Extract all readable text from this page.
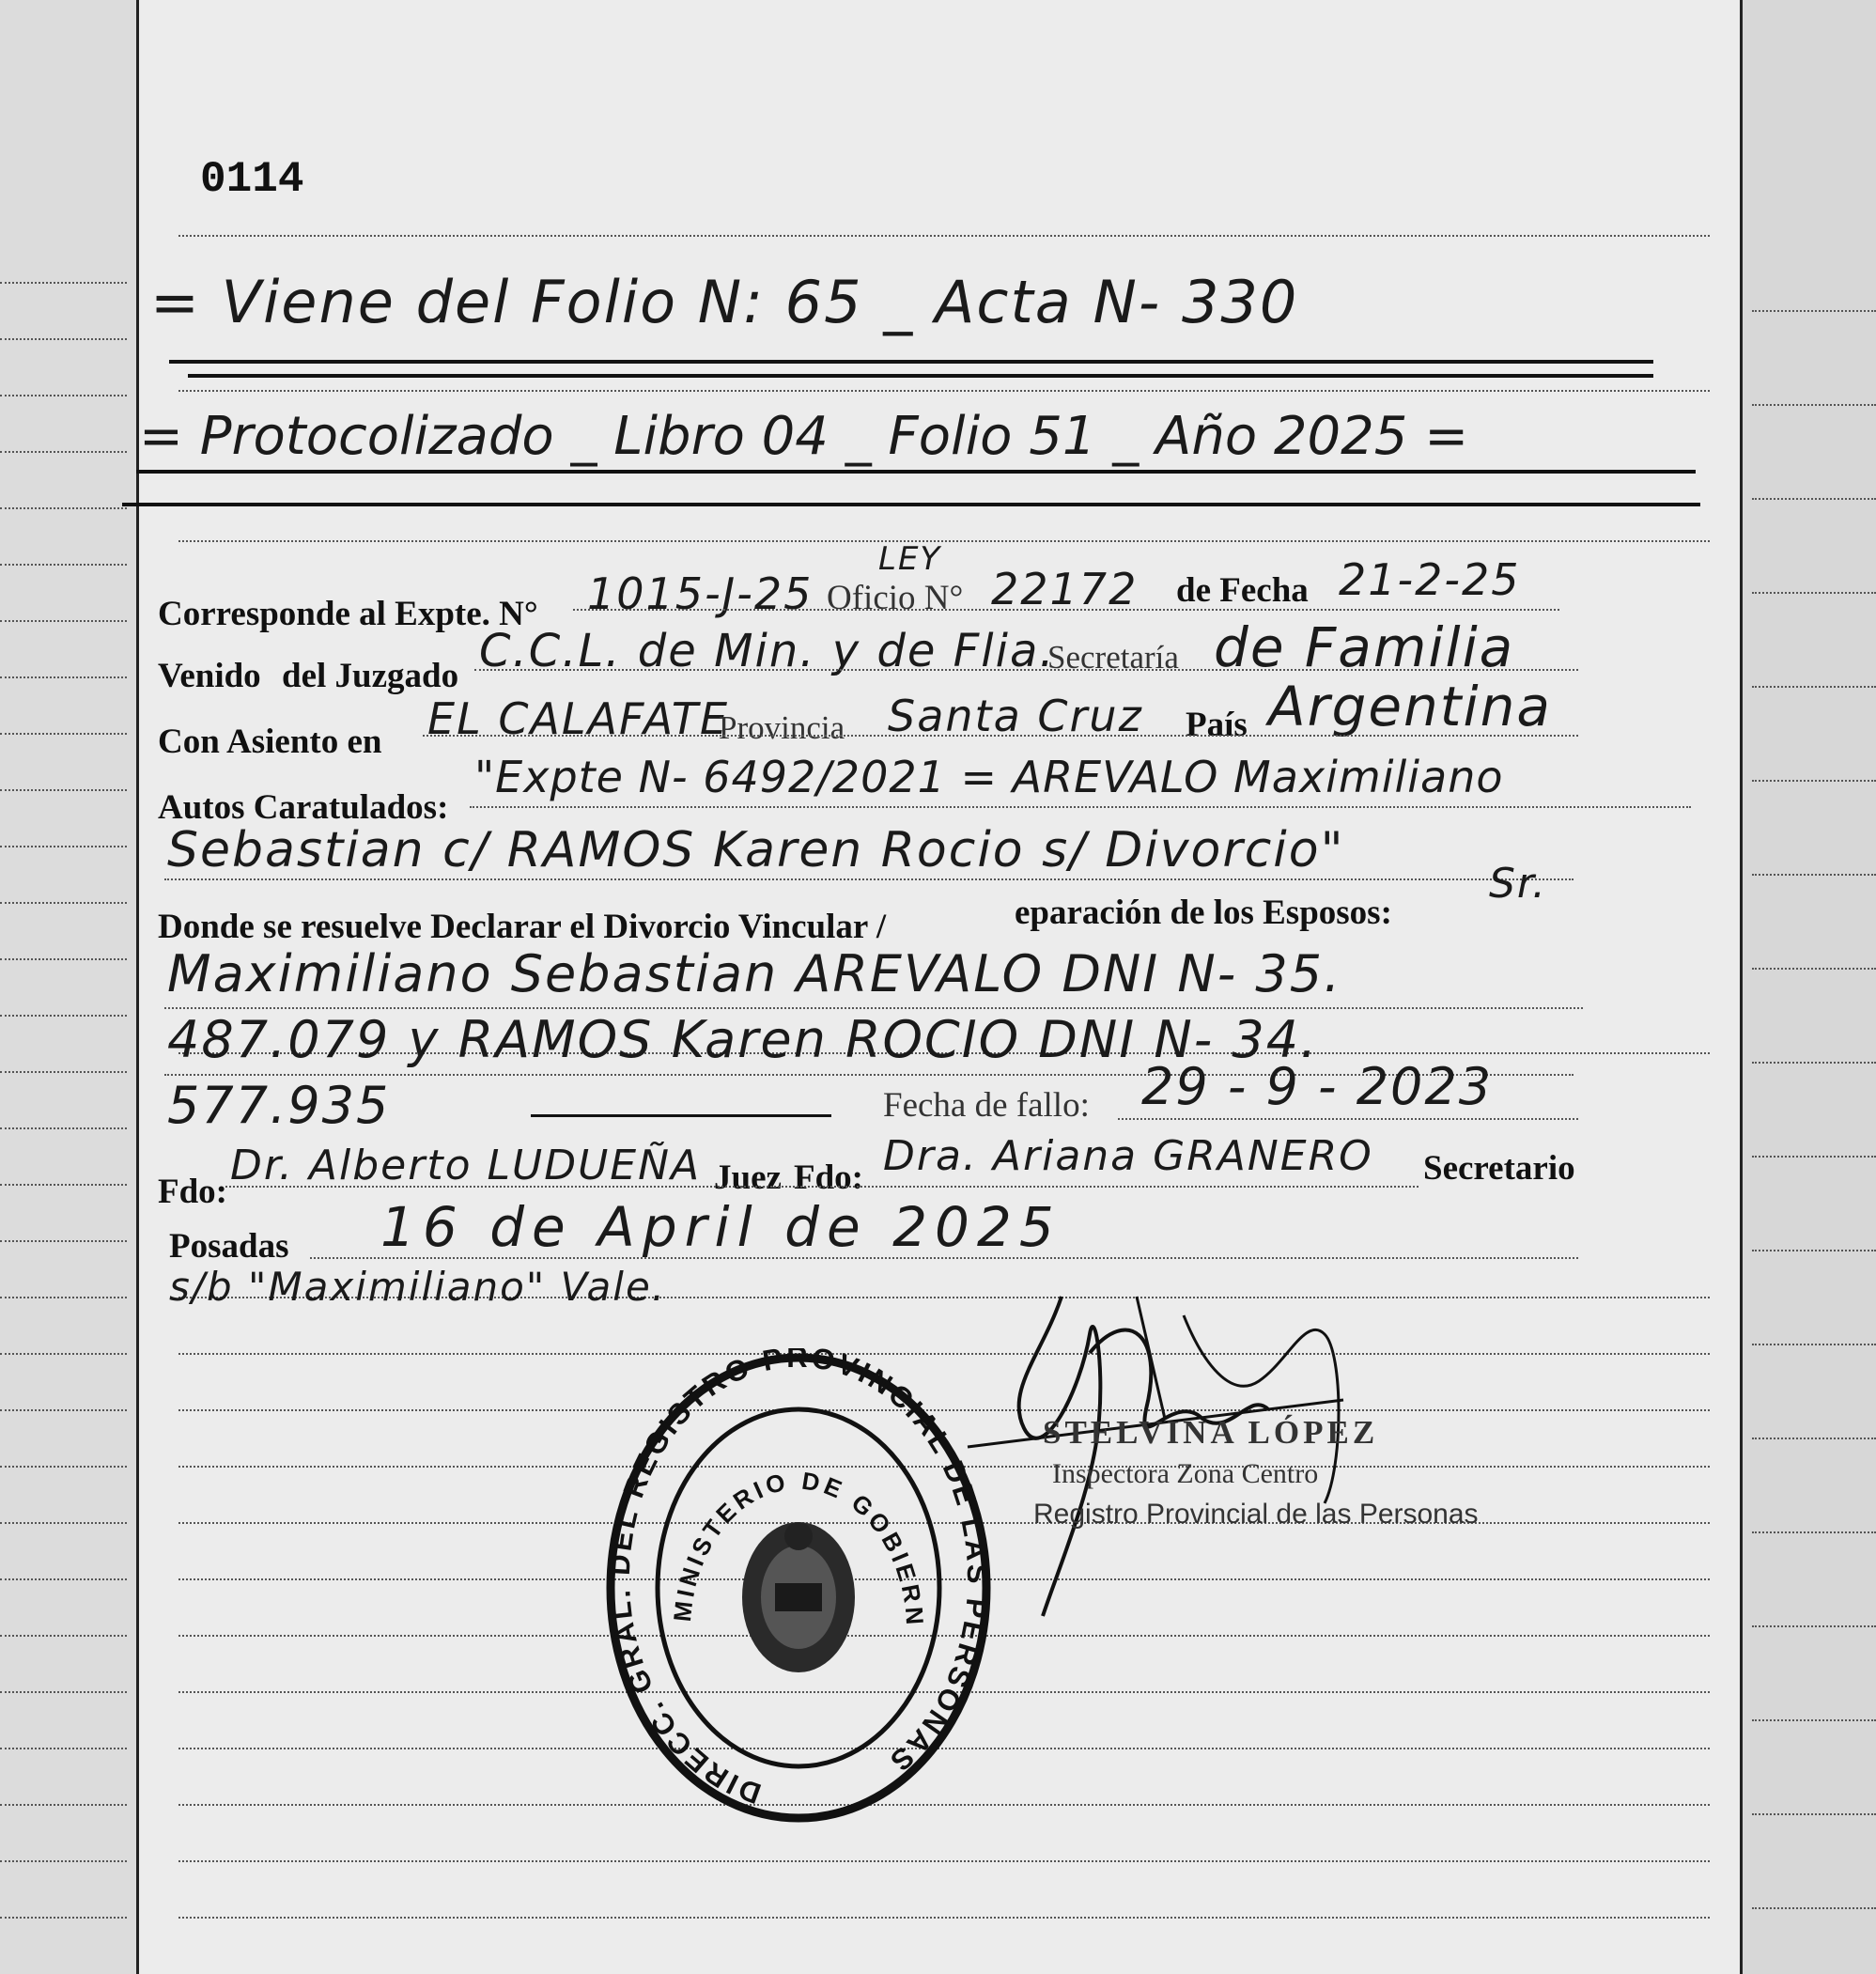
0114
= Viene del Folio N: 65 _ Acta N- 330
= Protocolizado _ Libro 04 _ Folio 51 _ Año 2025 =
Corresponde al Expte. N° 1015-J-25
LEY
Oficio N° 22172 de Fecha 21-2-25
Venido del Juzgado C.C.L. de Min. y de Flia.
Secretaría de Familia
Con Asiento en EL CALAFATE
Provincia Santa Cruz País Argentina
Autos Caratulados:
"Expte N- 6492/2021 = AREVALO Maximiliano
Sebastian c/ RAMOS Karen Rocio s/ Divorcio"
Donde se resuelve Declarar el Divorcio Vincular /	eparación de los Esposos:
Sr.
Maximiliano Sebastian AREVALO DNI N- 35.
487.079 y RAMOS Karen ROCIO DNI N- 34.
577.935	Fecha de fallo: 29 - 9 - 2023
Fdo:
Dr. Alberto LUDUEÑA Juez Fdo: Dra. Ariana GRANERO Secretario
Posadas 16 de April de 2025
s/b "Maximiliano" Vale.
STELVINA LÓPEZ
Inspectora Zona Centro
Registro Provincial de las Personas
DIRECC. GRAL. DEL REGISTRO PROVINCIAL DE LAS PERSONAS
MINISTERIO DE GOBIERN
